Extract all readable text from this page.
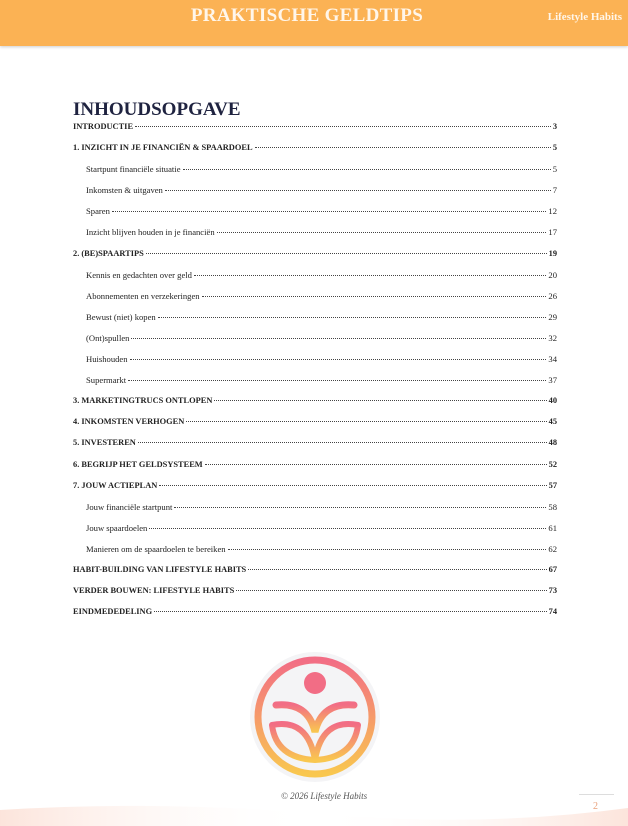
PRAKTISCHE GELDTIPS	Lifestyle Habits
INHOUDSOPGAVE
INTRODUCTIE	3
1. INZICHT IN JE FINANCIËN & SPAARDOEL	5
Startpunt financiële situatie	5
Inkomsten & uitgaven	7
Sparen	12
Inzicht blijven houden in je financiën	17
2. (BE)SPAARTIPS	19
Kennis en gedachten over geld	20
Abonnementen en verzekeringen	26
Bewust (niet) kopen	29
(Ont)spullen	32
Huishouden	34
Supermarkt	37
3. MARKETINGTRUCS ONTLOPEN	40
4. INKOMSTEN VERHOGEN	45
5. INVESTEREN	48
6. BEGRIJP HET GELDSYSTEEM	52
7. JOUW ACTIEPLAN	57
Jouw financiële startpunt	58
Jouw spaardoelen	61
Manieren om de spaardoelen te bereiken	62
HABIT-BUILDING VAN LIFESTYLE HABITS	67
VERDER BOUWEN: LIFESTYLE HABITS	73
EINDMEDEDELING	74
© 2026 Lifestyle Habits
2
